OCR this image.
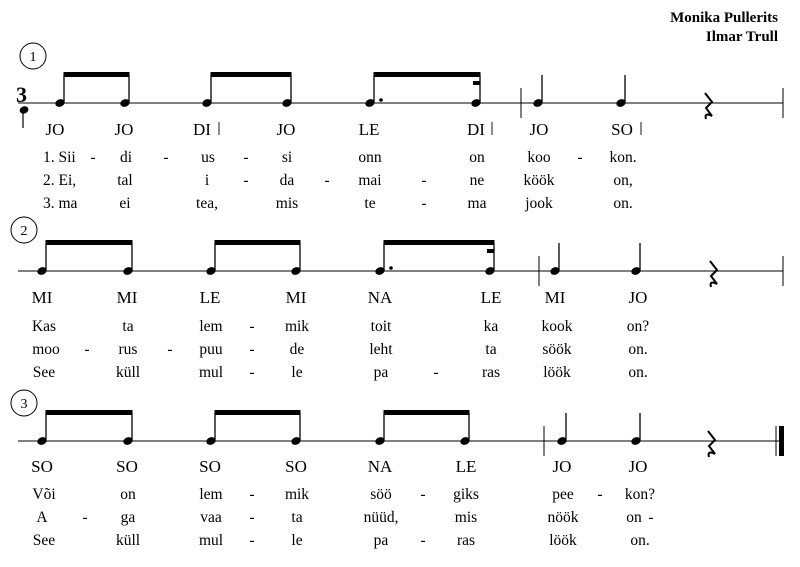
Monika Pullerits
Ilmar Trull
1
3
JO	JO	DI	JO	LE	DI	JO	SO
1. Sii - di - us - si	onn	on	koo - kon.
2. Ei,	tal	i - da - mai	-	ne	köök	on,
3. ma	ei	tea,	mis	te	-	ma	jook	on.
2
MI	MI	LE	MI	NA	LE	MI	JO
Kas	ta	lem - mik	toit	ka	kook	on?
moo - rus - puu - de	leht	ta	söök	on.
See	küll	mul - le	pa	-	ras	löök	on.
3
SO	SO	SO	SO	NA	LE	JO	JO
Või	on	lem - mik	söö - giks	pee - kon?
A - ga	vaa - ta	nüüd,	mis	nöök	on -
See	küll	mul - le	pa - ras	löök	on.
